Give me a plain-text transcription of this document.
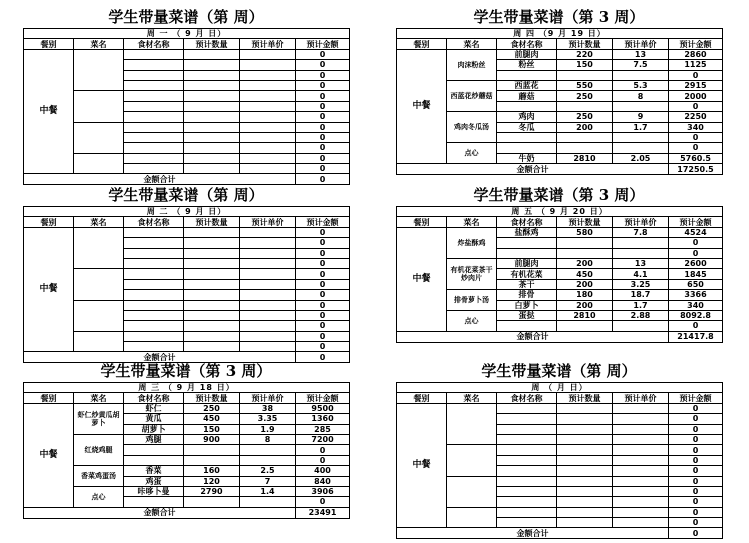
学生带量菜谱（第 周）
周 一 （ 9 月 日）					
餐别	菜名	食材名称	预计数量	预计单价	预计金额
中餐					0
					0
					0
					0
					0
					0
					0
					0
					0
					0
					0
					0
金额合计					0
学生带量菜谱（第 3 周）
周 四 （9 月 19 日）					
餐别	菜名	食材名称	预计数量	预计单价	预计金额
中餐	肉沫粉丝	前腿肉	220	13	2860
		粉丝	150	7.5	1125
					0
	西蓝花炒蘑菇	西蓝花	550	5.3	2915
		蘑菇	250	8	2000
					0
	鸡肉冬瓜汤	鸡肉	250	9	2250
		冬瓜	200	1.7	340
					0
	点心				0
		牛奶	2810	2.05	5760.5
金额合计					17250.5
学生带量菜谱（第 周）
周 二 （ 9 月 日）					
餐别	菜名	食材名称	预计数量	预计单价	预计金额
中餐					0
					0
					0
					0
					0
					0
					0
					0
					0
					0
					0
					0
金额合计					0
学生带量菜谱（第 3 周）
周 五 （ 9 月 20 日）					
餐别	菜名	食材名称	预计数量	预计单价	预计金额
中餐	炸盐酥鸡	盐酥鸡	580	7.8	4524
					0
					0
	有机花菜茶干炒肉片	前腿肉	200	13	2600
		有机花菜	450	4.1	1845
		茶干	200	3.25	650
	排骨萝卜汤	排骨	180	18.7	3366
		白萝卜	200	1.7	340
	点心	蛋挞	2810	2.88	8092.8
					0
金额合计					21417.8
学生带量菜谱（第 3 周）
周 三 （ 9 月 18 日）					
餐别	菜名	食材名称	预计数量	预计单价	预计金额
中餐	虾仁炒黄瓜胡萝卜	虾仁	250	38	9500
		黄瓜	450	3.35	1360
		胡萝卜	150	1.9	285
	红烧鸡腿	鸡腿	900	8	7200
					0
					0
	香菜鸡蛋汤	香菜	160	2.5	400
		鸡蛋	120	7	840
	点心	咔哆卜曼	2790	1.4	3906
					0
金额合计					23491
学生带量菜谱（第 周）
周 （ 月 日）					
餐别	菜名	食材名称	预计数量	预计单价	预计金额
中餐					0
					0
					0
					0
					0
					0
					0
					0
					0
					0
					0
					0
金额合计					0
